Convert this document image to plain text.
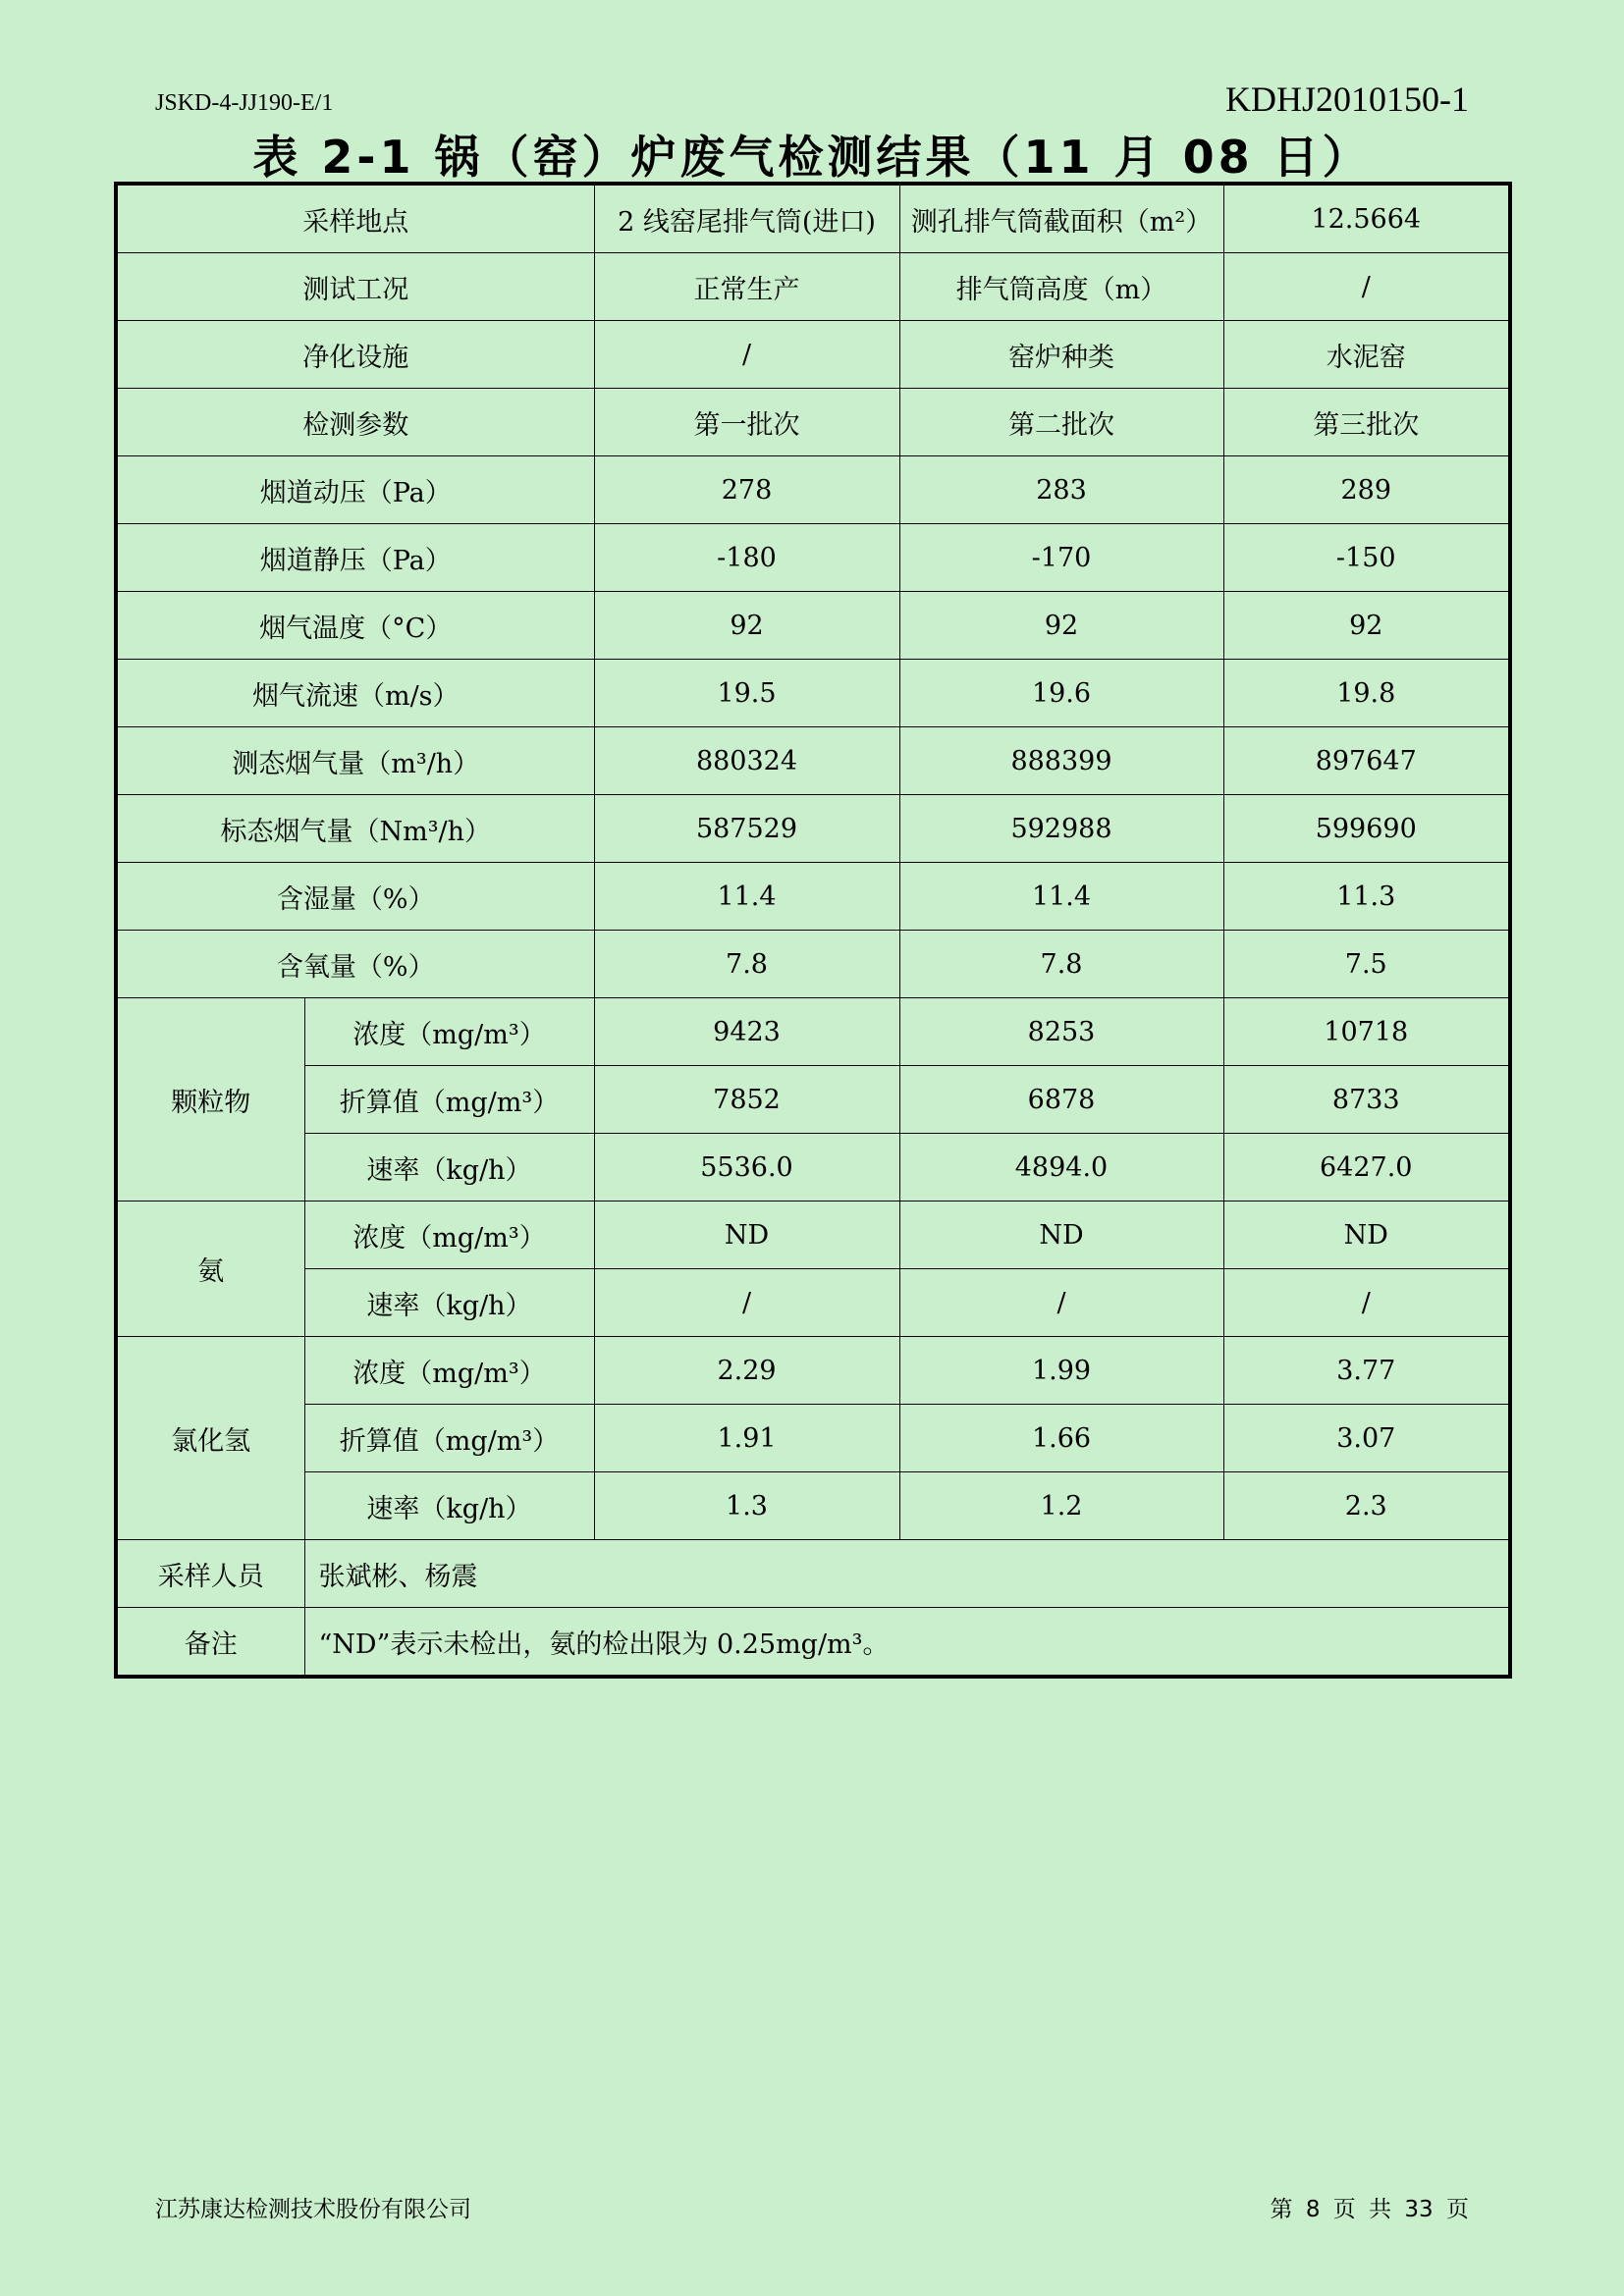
JSKD-4-JJ190-E/1	KDHJ2010150-1
表 2-1 锅（窑）炉废气检测结果（11 月 08 日）
采样地点		2 线窑尾排气筒(进口)	测孔排气筒截面积（m²）	12.5664
测试工况		正常生产	排气筒高度（m）	/
净化设施		/	窑炉种类	水泥窑
检测参数		第一批次	第二批次	第三批次
烟道动压（Pa）		278	283	289
烟道静压（Pa）		-180	-170	-150
烟气温度（°C）		92	92	92
烟气流速（m/s）		19.5	19.6	19.8
测态烟气量（m³/h）		880324	888399	897647
标态烟气量（Nm³/h）		587529	592988	599690
含湿量（%）		11.4	11.4	11.3
含氧量（%）		7.8	7.8	7.5
颗粒物	浓度（mg/m³）	9423	8253	10718
	折算值（mg/m³）	7852	6878	8733
	速率（kg/h）	5536.0	4894.0	6427.0
氨	浓度（mg/m³）	ND	ND	ND
	速率（kg/h）	/	/	/
氯化氢	浓度（mg/m³）	2.29	1.99	3.77
	折算值（mg/m³）	1.91	1.66	3.07
	速率（kg/h）	1.3	1.2	2.3
采样人员	张斌彬、杨震			
备注	“ND”表示未检出，氨的检出限为 0.25mg/m³。			
江苏康达检测技术股份有限公司	第 8 页 共 33 页
